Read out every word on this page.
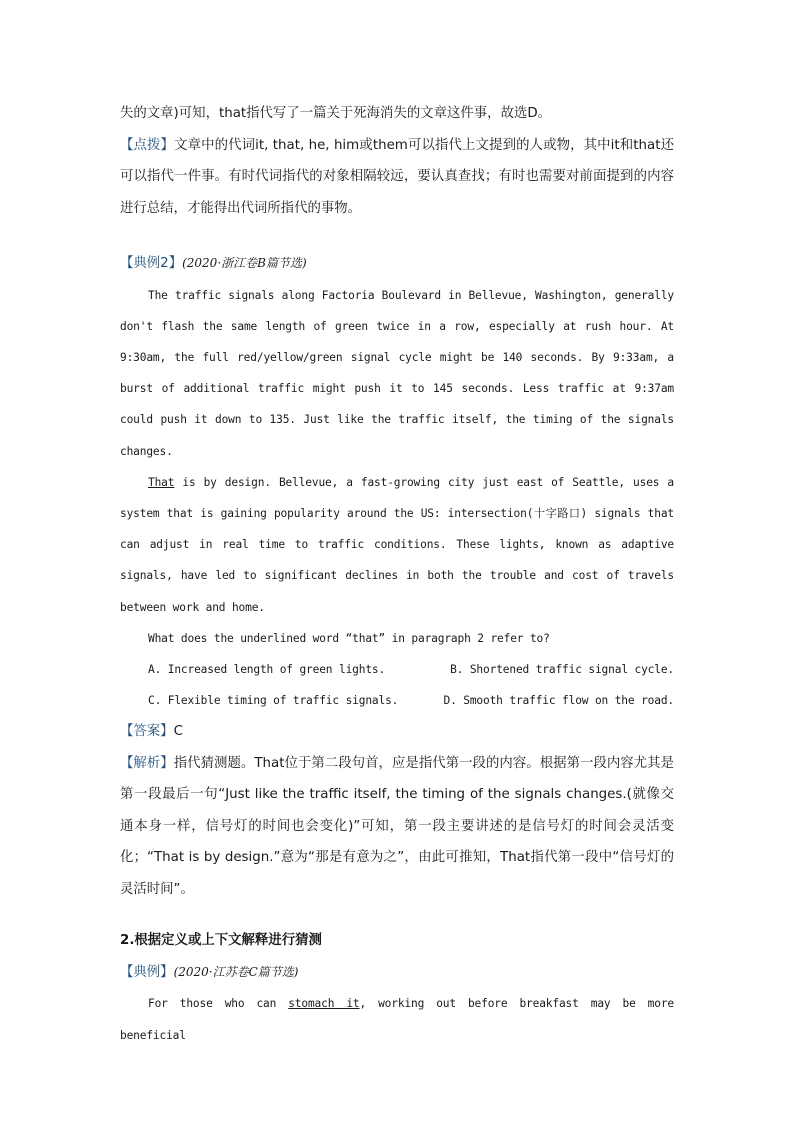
失的文章)可知，that指代写了一篇关于死海消失的文章这件事，故选D。

【点拨】文章中的代词it, that, he, him或them可以指代上文提到的人或物，其中it和that还可以指代一件事。有时代词指代的对象相隔较远，要认真查找；有时也需要对前面提到的内容进行总结，才能得出代词所指代的事物。

【典例2】(2020·浙江卷B篇节选)

The traffic signals along Factoria Boulevard in Bellevue, Washington, generally don't flash the same length of green twice in a row, especially at rush hour. At 9:30am, the full red/yellow/green signal cycle might be 140 seconds. By 9:33am, a burst of additional traffic might push it to 145 seconds. Less traffic at 9:37am could push it down to 135. Just like the traffic itself, the timing of the signals changes.

That is by design. Bellevue, a fast-growing city just east of Seattle, uses a system that is gaining popularity around the US: intersection(十字路口) signals that can adjust in real time to traffic conditions. These lights, known as adaptive signals, have led to significant declines in both the trouble and cost of travels between work and home.

What does the underlined word “that” in paragraph 2 refer to?

A. Increased length of green lights.	B. Shortened traffic signal cycle.

C. Flexible timing of traffic signals.	D. Smooth traffic flow on the road.

【答案】C

【解析】指代猜测题。That位于第二段句首，应是指代第一段的内容。根据第一段内容尤其是第一段最后一句“Just like the traffic itself, the timing of the signals changes.(就像交通本身一样，信号灯的时间也会变化)”可知，第一段主要讲述的是信号灯的时间会灵活变化；“That is by design.”意为“那是有意为之”，由此可推知，That指代第一段中“信号灯的灵活时间”。

2.根据定义或上下文解释进行猜测

【典例】(2020·江苏卷C篇节选)

For those who can stomach it, working out before breakfast may be more beneficial
